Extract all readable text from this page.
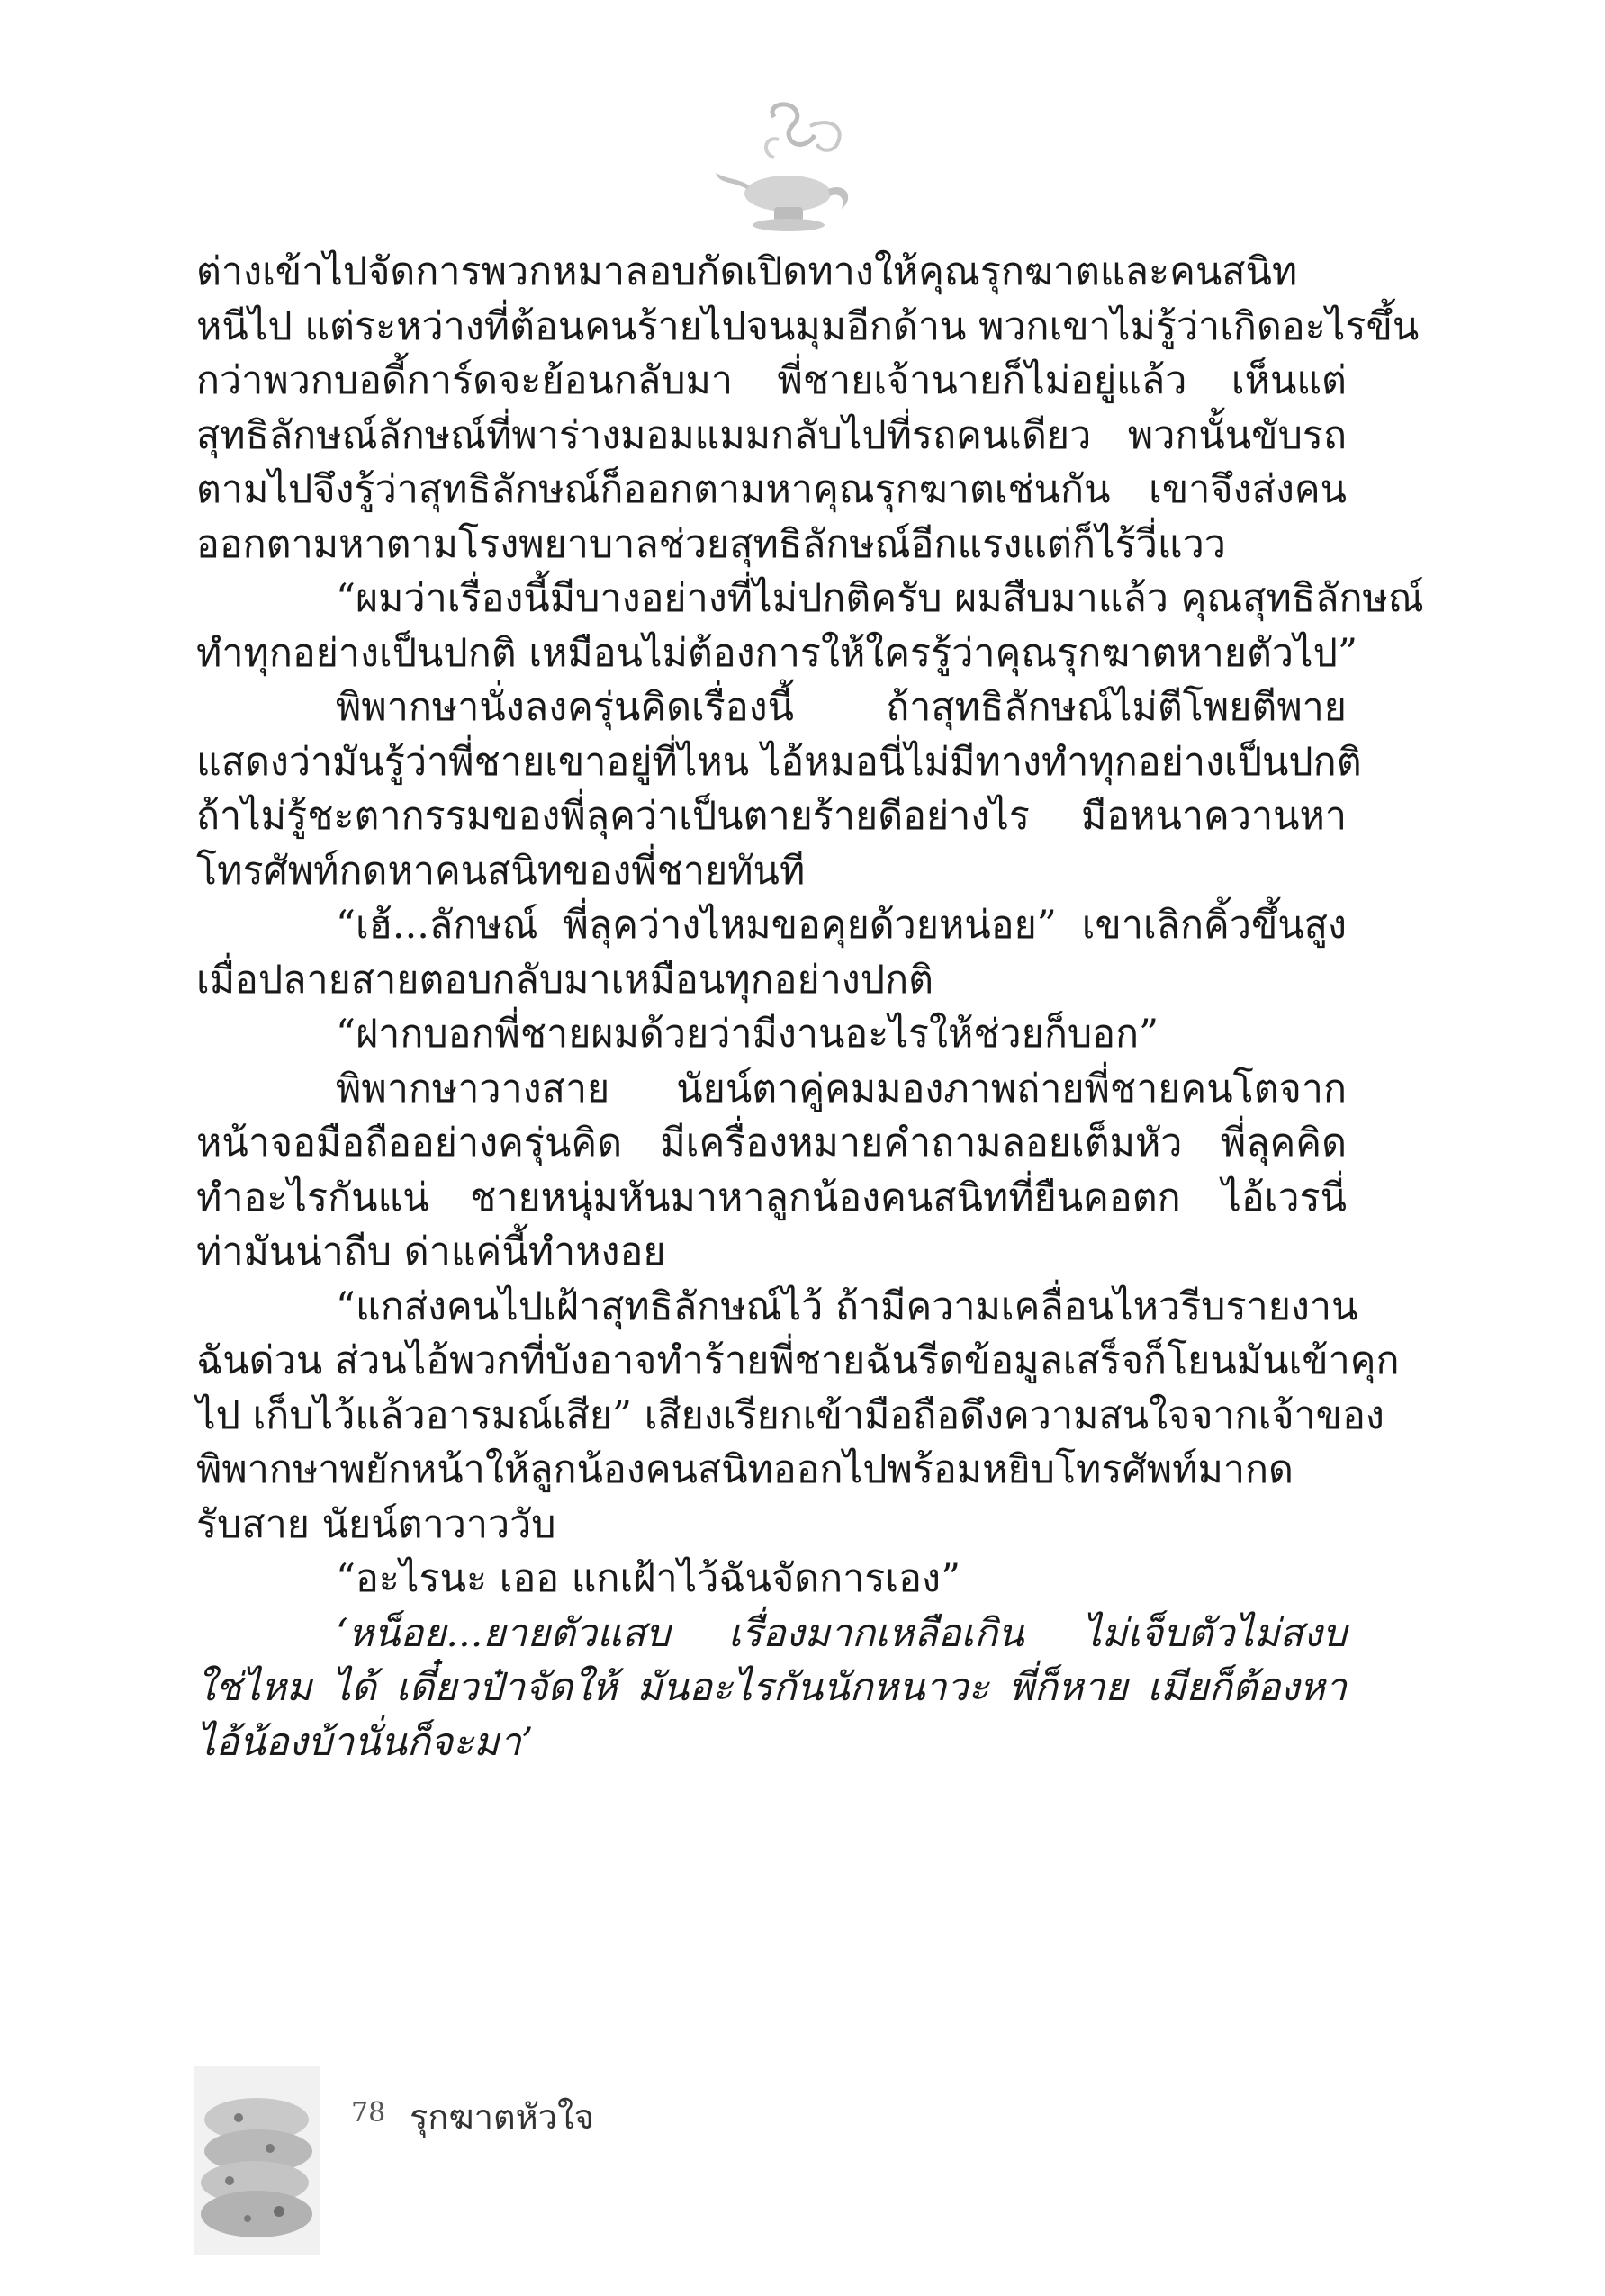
ต่างเข้าไปจัดการพวกหมาลอบกัดเปิดทางให้คุณรุกฆาตและคนสนิท
หนีไป แต่ระหว่างที่ต้อนคนร้ายไปจนมุมอีกด้าน พวกเขาไม่รู้ว่าเกิดอะไรขึ้น
กว่าพวกบอดี้การ์ดจะย้อนกลับมา พี่ชายเจ้านายก็ไม่อยู่แล้ว เห็นแต่
สุทธิลักษณ์ลักษณ์ที่พาร่างมอมแมมกลับไปที่รถคนเดียว พวกนั้นขับรถ
ตามไปจึงรู้ว่าสุทธิลักษณ์ก็ออกตามหาคุณรุกฆาตเช่นกัน เขาจึงส่งคน
ออกตามหาตามโรงพยาบาลช่วยสุทธิลักษณ์อีกแรงแต่ก็ไร้วี่แวว
“ผมว่าเรื่องนี้มีบางอย่างที่ไม่ปกติครับ ผมสืบมาแล้ว คุณสุทธิลักษณ์
ทำทุกอย่างเป็นปกติ เหมือนไม่ต้องการให้ใครรู้ว่าคุณรุกฆาตหายตัวไป”
พิพากษานั่งลงครุ่นคิดเรื่องนี้ ถ้าสุทธิลักษณ์ไม่ตีโพยตีพาย
แสดงว่ามันรู้ว่าพี่ชายเขาอยู่ที่ไหน ไอ้หมอนี่ไม่มีทางทำทุกอย่างเป็นปกติ
ถ้าไม่รู้ชะตากรรมของพี่ลุคว่าเป็นตายร้ายดีอย่างไร มือหนาควานหา
โทรศัพท์กดหาคนสนิทของพี่ชายทันที
“เฮ้...ลักษณ์ พี่ลุคว่างไหมขอคุยด้วยหน่อย” เขาเลิกคิ้วขึ้นสูง
เมื่อปลายสายตอบกลับมาเหมือนทุกอย่างปกติ
“ฝากบอกพี่ชายผมด้วยว่ามีงานอะไรให้ช่วยก็บอก”
พิพากษาวางสาย นัยน์ตาคู่คมมองภาพถ่ายพี่ชายคนโตจาก
หน้าจอมือถืออย่างครุ่นคิด มีเครื่องหมายคำถามลอยเต็มหัว พี่ลุคคิด
ทำอะไรกันแน่ ชายหนุ่มหันมาหาลูกน้องคนสนิทที่ยืนคอตก ไอ้เวรนี่
ท่ามันน่าถีบ ด่าแค่นี้ทำหงอย
“แกส่งคนไปเฝ้าสุทธิลักษณ์ไว้ ถ้ามีความเคลื่อนไหวรีบรายงาน
ฉันด่วน ส่วนไอ้พวกที่บังอาจทำร้ายพี่ชายฉันรีดข้อมูลเสร็จก็โยนมันเข้าคุก
ไป เก็บไว้แล้วอารมณ์เสีย” เสียงเรียกเข้ามือถือดึงความสนใจจากเจ้าของ
พิพากษาพยักหน้าให้ลูกน้องคนสนิทออกไปพร้อมหยิบโทรศัพท์มากด
รับสาย นัยน์ตาวาววับ
“อะไรนะ เออ แกเฝ้าไว้ฉันจัดการเอง”
‘หน็อย...ยายตัวแสบ เรื่องมากเหลือเกิน ไม่เจ็บตัวไม่สงบ
ใช่ไหม ได้ เดี๋ยวป๋าจัดให้ มันอะไรกันนักหนาวะ พี่ก็หาย เมียก็ต้องหา
ไอ้น้องบ้านั่นก็จะมา’
78 รุกฆาตหัวใจ
